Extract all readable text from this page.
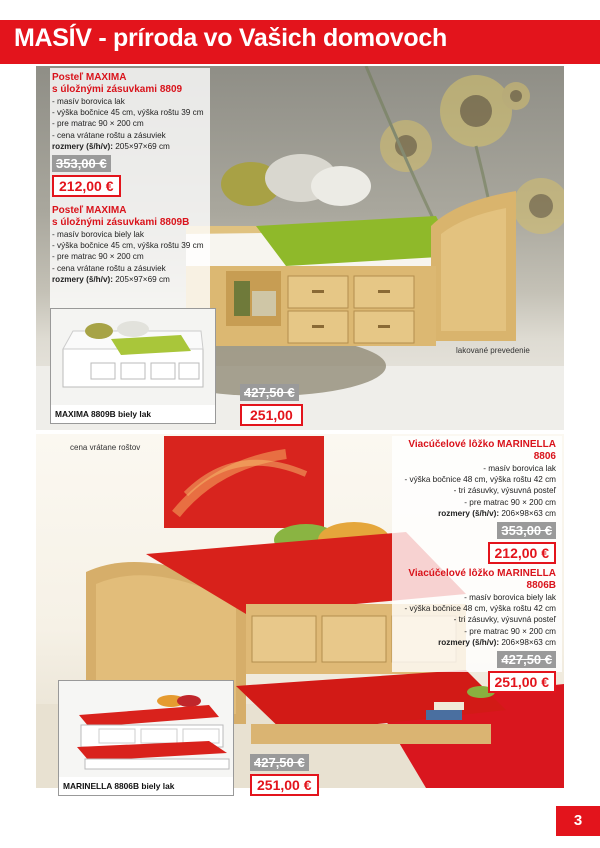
MASÍV - príroda vo Vašich domovoch
Posteľ MAXIMA
s úložnými zásuvkami 8809
- masív borovica lak
- výška bočnice 45 cm, výška roštu 39 cm
- pre matrac 90 × 200 cm
- cena vrátane roštu a zásuviek
rozmery (š/h/v): 205×97×69 cm
353,00 €
212,00 €
Posteľ MAXIMA
s úložnými zásuvkami 8809B
- masív borovica biely lak
- výška bočnice 45 cm, výška roštu 39 cm
- pre matrac 90 × 200 cm
- cena vrátane roštu a zásuviek
rozmery (š/h/v): 205×97×69 cm
MAXIMA 8809B biely lak
427,50 €
251,00
lakované prevedenie
cena vrátane roštov	Viacúčelové lôžko MARINELLA 8806
- masív borovica lak
- výška bočnice 48 cm, výška roštu 42 cm
- tri zásuvky, výsuvná posteľ
- pre matrac 90 × 200 cm
rozmery (š/h/v): 206×98×63 cm
353,00 €
212,00 €
Viacúčelové lôžko MARINELLA 8806B
- masív borovica biely lak
- výška bočnice 48 cm, výška roštu 42 cm
- tri zásuvky, výsuvná posteľ
- pre matrac 90 × 200 cm
rozmery (š/h/v): 206×98×63 cm
427,50 €
251,00 €
MARINELLA 8806B biely lak
427,50 €
251,00 €
3
